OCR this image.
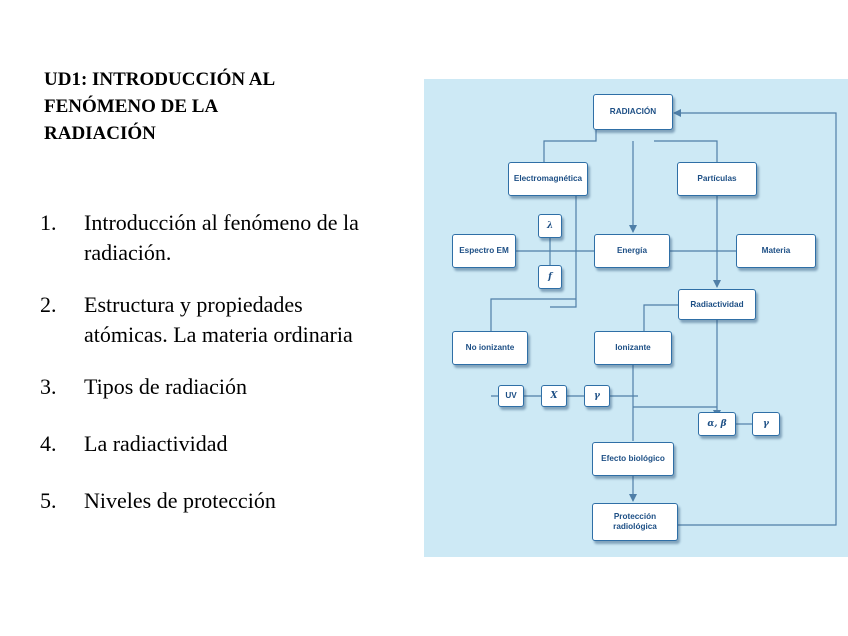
UD1: INTRODUCCIÓN AL
FENÓMENO DE LA
RADIACIÓN
1. Introducción al fenómeno de la radiación.
2. Estructura y propiedades atómicas. La materia ordinaria
3. Tipos de radiación
4. La radiactividad
5. Niveles de protección
RADIACIÓN
Electromagnética	Partículas
λ
f
Espectro EM	Energía	Materia
Radiactividad
No ionizante	Ionizante
UV	X	γ
α, β	γ
Efecto biológico
Protección radiológica
